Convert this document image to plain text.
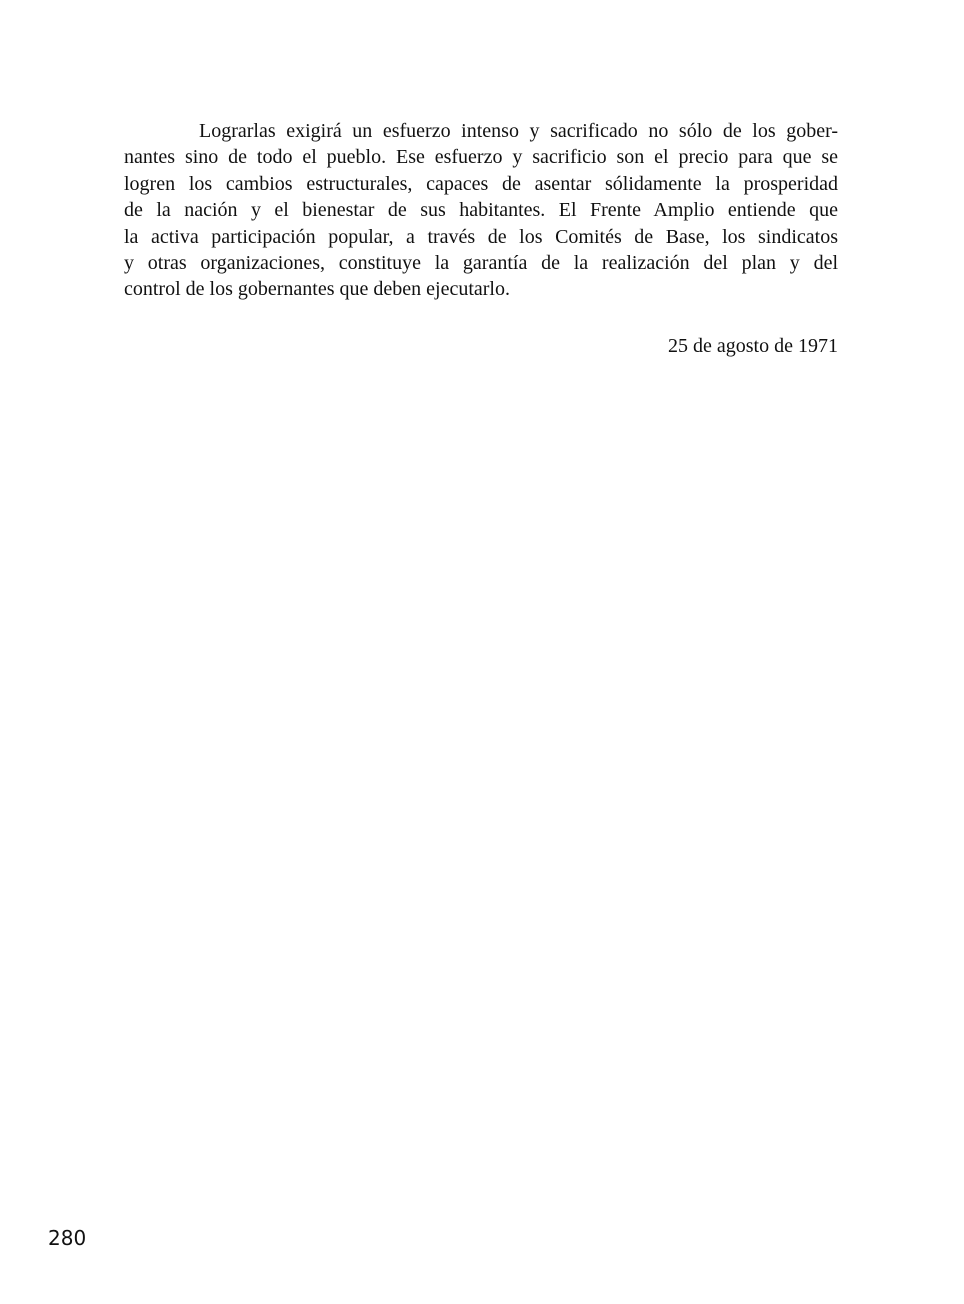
Lograrlas exigirá un esfuerzo intenso y sacrificado no sólo de los gober-
nantes sino de todo el pueblo. Ese esfuerzo y sacrificio son el precio para que se
logren los cambios estructurales, capaces de asentar sólidamente la prosperidad
de la nación y el bienestar de sus habitantes. El Frente Amplio entiende que
la activa participación popular, a través de los Comités de Base, los sindicatos
y otras organizaciones, constituye la garantía de la realización del plan y del
control de los gobernantes que deben ejecutarlo.
25 de agosto de 1971
280
